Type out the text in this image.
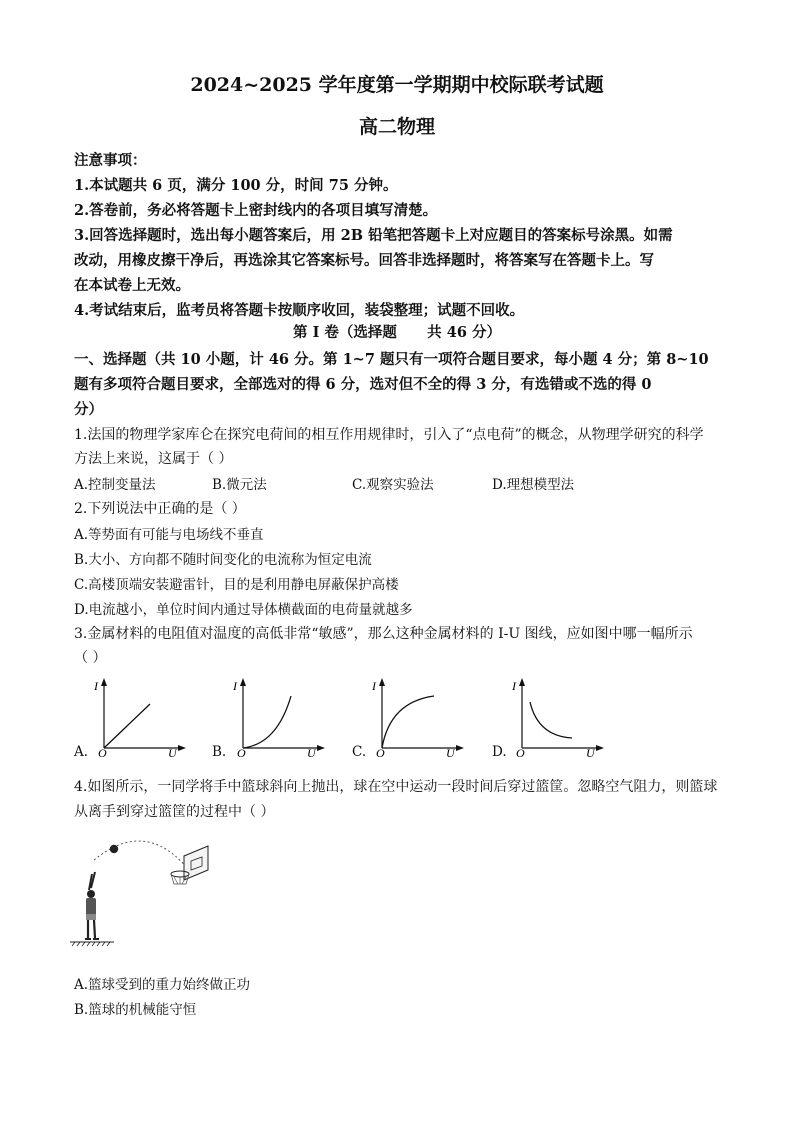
2024~2025 学年度第一学期期中校际联考试题
高二物理
注意事项：
1.本试题共 6 页，满分 100 分，时间 75 分钟。
2.答卷前，务必将答题卡上密封线内的各项目填写清楚。
3.回答选择题时，选出每小题答案后，用 2B 铅笔把答题卡上对应题目的答案标号涂黑。如需
改动，用橡皮擦干净后，再选涂其它答案标号。回答非选择题时，将答案写在答题卡上。写
在本试卷上无效。
4.考试结束后，监考员将答题卡按顺序收回，装袋整理；试题不回收。
第 I 卷（选择题      共 46 分）
一、选择题（共 10 小题，计 46 分。第 1~7 题只有一项符合题目要求，每小题 4 分；第 8~10
题有多项符合题目要求，全部选对的得 6 分，选对但不全的得 3 分，有选错或不选的得 0
分）
1.法国的物理学家库仑在探究电荷间的相互作用规律时，引入了“点电荷”的概念，从物理学研究的科学
方法上来说，这属于（ ）
A.控制变量法	B.微元法	C.观察实验法	D.理想模型法
2.下列说法中正确的是（ ）
A.等势面有可能与电场线不垂直
B.大小、方向都不随时间变化的电流称为恒定电流
C.高楼顶端安装避雷针，目的是利用静电屏蔽保护高楼
D.电流越小，单位时间内通过导体横截面的电荷量就越多
3.金属材料的电阻值对温度的高低非常“敏感”，那么这种金属材料的 I-U 图线，应如图中哪一幅所示
（ ）
A.
I
O	U	B.
I
O	U	C.
I
O	U	D.
I
O	U
4.如图所示，一同学将手中篮球斜向上抛出，球在空中运动一段时间后穿过篮筐。忽略空气阻力，则篮球
从离手到穿过篮筐的过程中（ ）
A.篮球受到的重力始终做正功
B.篮球的机械能守恒
